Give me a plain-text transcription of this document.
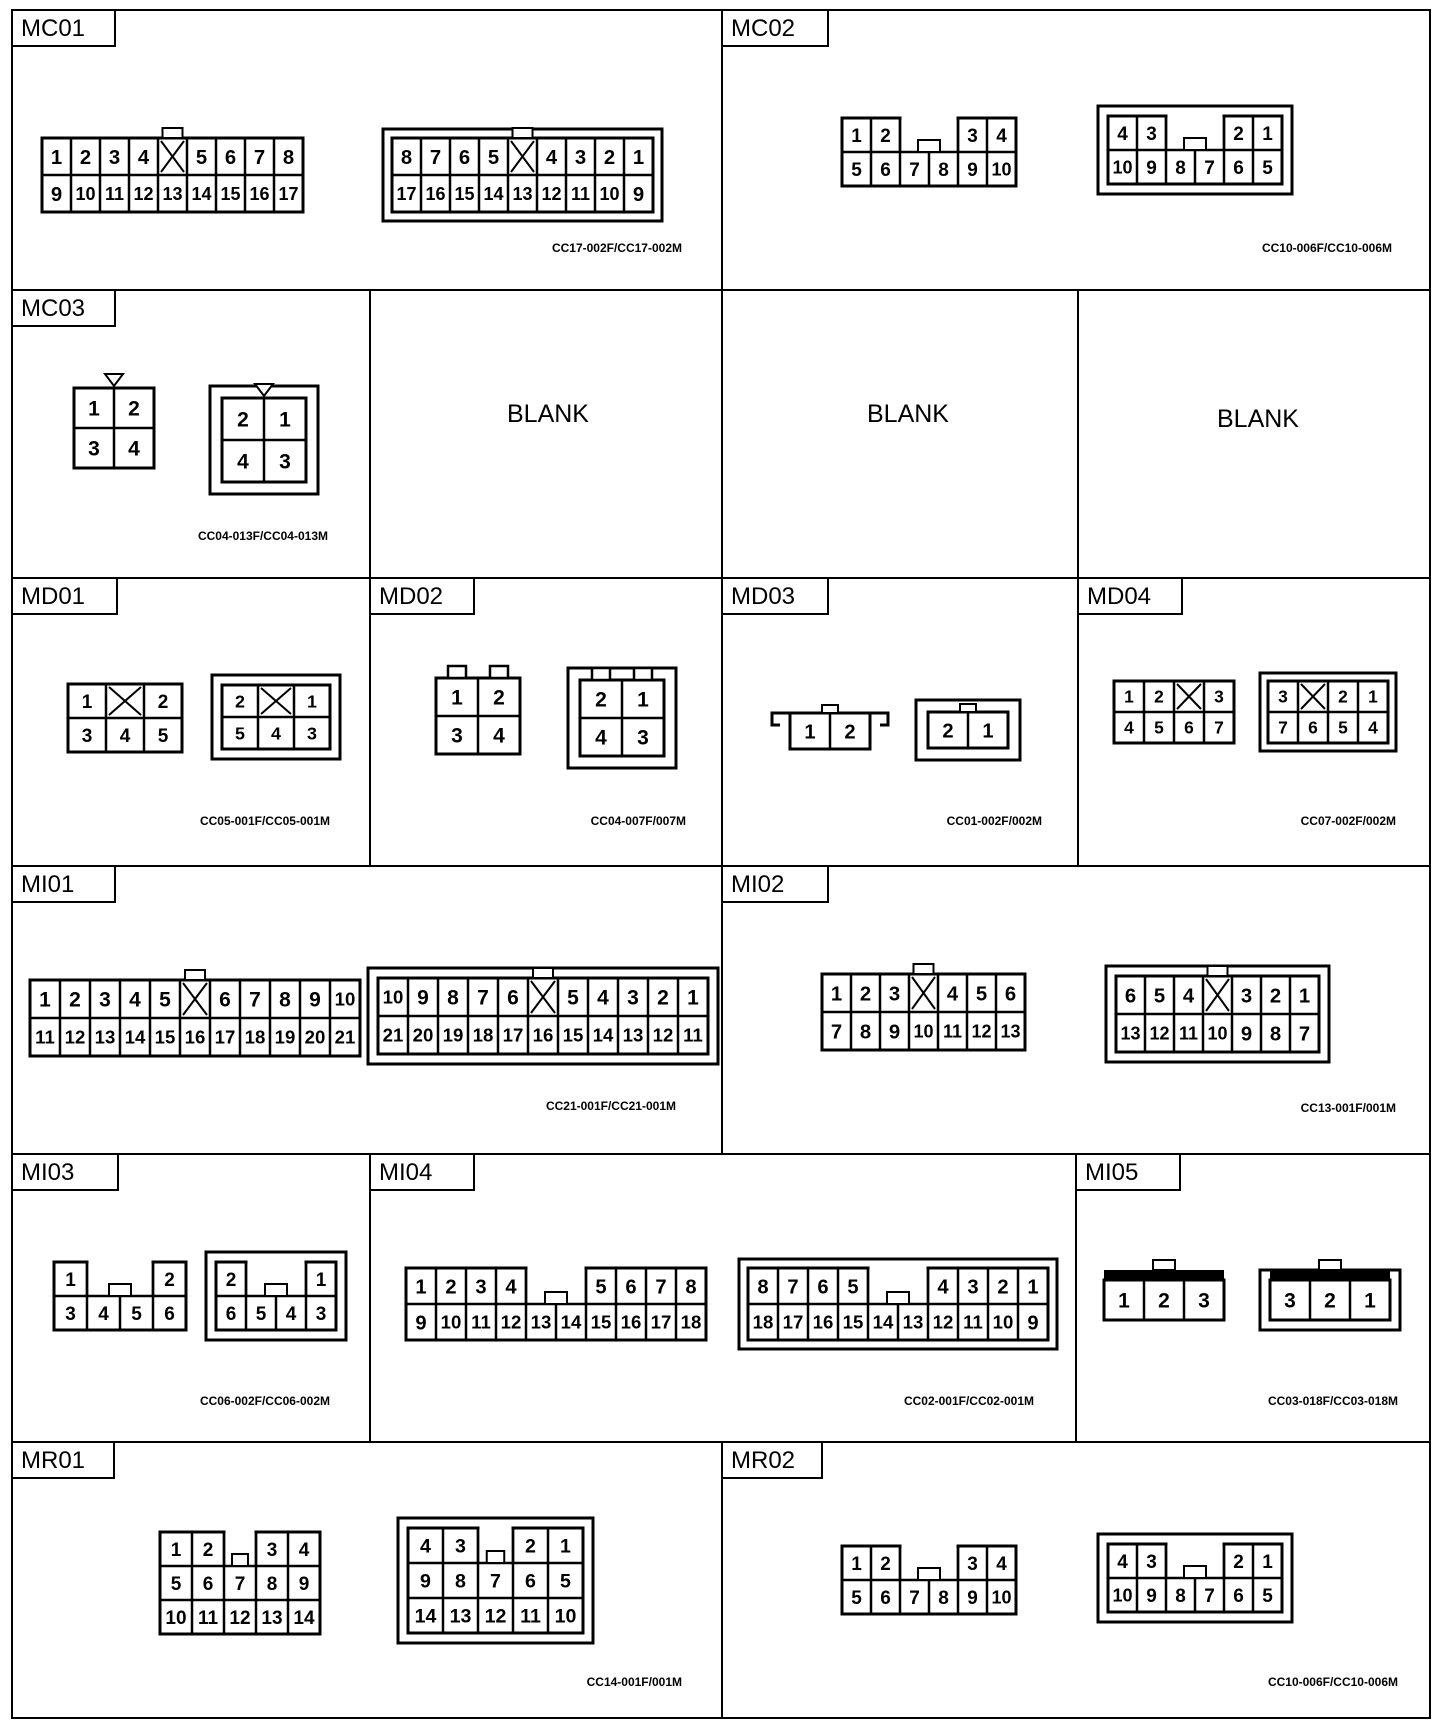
MC01
CC17-002F/CC17-002M
1 2 3 4 5 6 7 8
9 10 11 12 13 14 15 16 17
8 7 6 5 4 3 2 1
17 16 15 14 13 12 11 10 9
MC02
CC10-006F/CC10-006M
1 2	3 4
5 6 7 8 9 10
4 3	2 1
10 9 8 7 6 5
MC03
CC04-013F/CC04-013M
1 2
3 4
2 1
4 3
BLANK	BLANK	BLANK
MD01
CC05-001F/CC05-001M
1	2
3 4 5
2	1
5 4 3
MD02
CC04-007F/007M
1 2
3 4
2 1
4 3
MD03
CC01-002F/002M
1 2	2 1
MD04
CC07-002F/002M
1 2	3
4 5 6 7
3	2 1
7 6 5 4
MI01
CC21-001F/CC21-001M
1 2 3 4 5 6 7 8 9 10
11 12 13 14 15 16 17 18 19 20 21
10 9 8 7 6 5 4 3 2 1
21 20 19 18 17 16 15 14 13 12 11
MI02
CC13-001F/001M
1 2 3 4 5 6
7 8 9 10 11 12 13
6 5 4 3 2 1
13 12 11 10 9 8 7
MI03
CC06-002F/CC06-002M
1	2
3 4 5 6
2	1
6 5 4 3
MI04
CC02-001F/CC02-001M
1 2 3 4	5 6 7 8
9 10 11 12 13 14 15 16 17 18
8 7 6 5	4 3 2 1
18 17 16 15 14 13 12 11 10 9
MI05
CC03-018F/CC03-018M
1 2 3	3 2 1
MR01
CC14-001F/001M
1 2	3 4
5 6 7 8 9
10 11 12 13 14
4 3	2 1
9 8 7 6 5
14 13 12 11 10
MR02
CC10-006F/CC10-006M
1 2	3 4
5 6 7 8 9 10
4 3	2 1
10 9 8 7 6 5
